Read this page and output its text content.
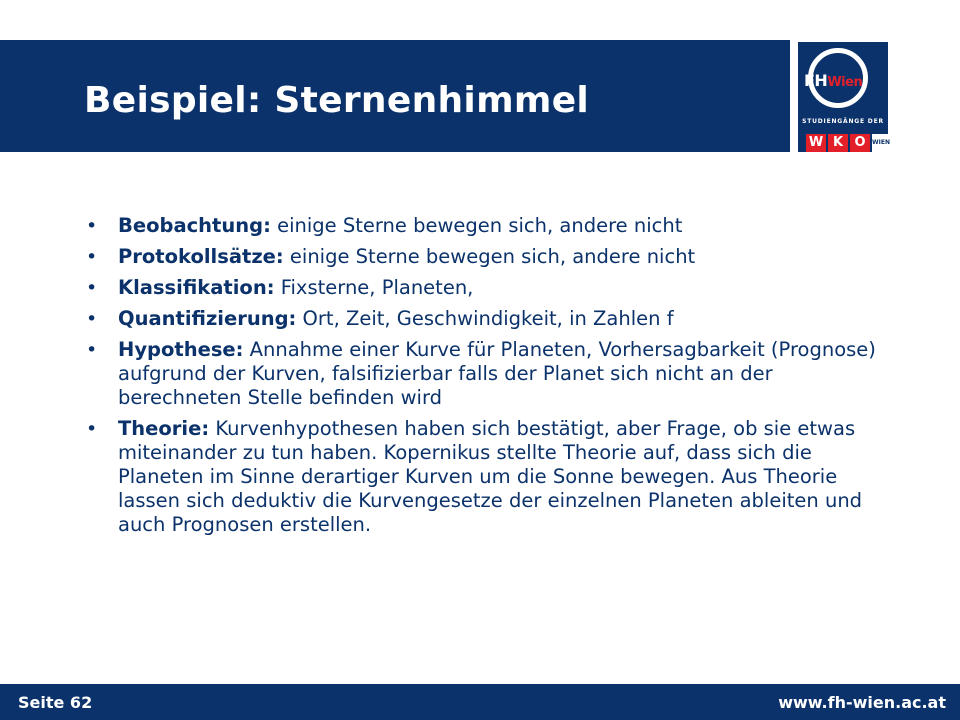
Beispiel: Sternenhimmel	FHWien
STUDIENGÄNGE DER
W K O	WIEN
• Beobachtung: einige Sterne bewegen sich, andere nicht
• Protokollsätze: einige Sterne bewegen sich, andere nicht
• Klassifikation: Fixsterne, Planeten,
• Quantifizierung: Ort, Zeit, Geschwindigkeit, in Zahlen f
• Hypothese: Annahme einer Kurve für Planeten, Vorhersagbarkeit (Prognose) aufgrund der Kurven, falsifizierbar falls der Planet sich nicht an der berechneten Stelle befinden wird
• Theorie: Kurvenhypothesen haben sich bestätigt, aber Frage, ob sie etwas miteinander zu tun haben. Kopernikus stellte Theorie auf, dass sich die Planeten im Sinne derartiger Kurven um die Sonne bewegen. Aus Theorie lassen sich deduktiv die Kurvengesetze der einzelnen Planeten ableiten und auch Prognosen erstellen.
Seite 62	www.fh-wien.ac.at
